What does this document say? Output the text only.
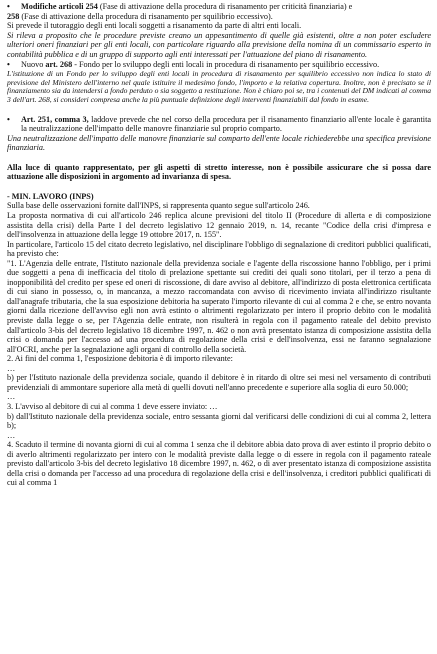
• Modifiche articoli 254 (Fase di attivazione della procedura di risanamento per criticità finanziaria) e
258 (Fase di attivazione della procedura di risanamento per squilibrio eccessivo).

Si prevede il tutoraggio degli enti locali soggetti a risanamento da parte di altri enti locali.

Si rileva a proposito che le procedure previste creano un appesantimento di quelle già esistenti, oltre a non poter escludere ulteriori oneri finanziari per gli enti locali, con particolare riguardo alla previsione della nomina di un commissario esperto in contabilità pubblica e di un gruppo di supporto agli enti interessati per l'attuazione del piano di risanamento.

• Nuovo art. 268 - Fondo per lo sviluppo degli enti locali in procedura di risanamento per squilibrio eccessivo.

L'istituzione di un Fondo per lo sviluppo degli enti locali in procedura di risanamento per squilibrio eccessivo non indica lo stato di previsione del Ministero dell'interno nel quale istituire il medesimo fondo, l'importo e la relativa copertura. Inoltre, non è precisato se il finanziamento sia da intendersi a fondo perduto o sia soggetto a restituzione. Non è chiaro poi se, tra i contenuti del DM indicati al comma 3 dell'art. 268, si consideri compresa anche la più puntuale definizione degli interventi finanziabili dal fondo in esame.

• Art. 251, comma 3, laddove prevede che nel corso della procedura per il risanamento finanziario all'ente locale è garantita la neutralizzazione dell'impatto delle manovre finanziarie sul proprio comparto.

Una neutralizzazione dell'impatto delle manovre finanziarie sul comparto dell'ente locale richiederebbe una specifica previsione finanziaria.

Alla luce di quanto rappresentato, per gli aspetti di stretto interesse, non è possibile assicurare che si possa dare attuazione alle disposizioni in argomento ad invarianza di spesa.

- MIN. LAVORO (INPS)

Sulla base delle osservazioni fornite dall'INPS, si rappresenta quanto segue sull'articolo 246.

La proposta normativa di cui all'articolo 246 replica alcune previsioni del titolo II (Procedure di allerta e di composizione assistita della crisi) della Parte I del decreto legislativo 12 gennaio 2019, n. 14, recante "Codice della crisi d'impresa e dell'insolvenza in attuazione della legge 19 ottobre 2017, n. 155".

In particolare, l'articolo 15 del citato decreto legislativo, nel disciplinare l'obbligo di segnalazione di creditori pubblici qualificati, ha previsto che:

"1. L'Agenzia delle entrate, l'Istituto nazionale della previdenza sociale e l'agente della riscossione hanno l'obbligo, per i primi due soggetti a pena di inefficacia del titolo di prelazione spettante sui crediti dei quali sono titolari, per il terzo a pena di inopponibilità del credito per spese ed oneri di riscossione, di dare avviso al debitore, all'indirizzo di posta elettronica certificata di cui siano in possesso, o, in mancanza, a mezzo raccomandata con avviso di ricevimento inviata all'indirizzo risultante dall'anagrafe tributaria, che la sua esposizione debitoria ha superato l'importo rilevante di cui al comma 2 e che, se entro novanta giorni dalla ricezione dell'avviso egli non avrà estinto o altrimenti regolarizzato per intero il proprio debito con le modalità previste dalla legge o se, per l'Agenzia delle entrate, non risulterà in regola con il pagamento rateale del debito previsto dall'articolo 3-bis del decreto legislativo 18 dicembre 1997, n. 462 o non avrà presentato istanza di composizione assistita della crisi o domanda per l'accesso ad una procedura di regolazione della crisi e dell'insolvenza, essi ne faranno segnalazione all'OCRI, anche per la segnalazione agli organi di controllo della società.

2. Ai fini del comma 1, l'esposizione debitoria è di importo rilevante:

…

b) per l'Istituto nazionale della previdenza sociale, quando il debitore è in ritardo di oltre sei mesi nel versamento di contributi previdenziali di ammontare superiore alla metà di quelli dovuti nell'anno precedente e superiore alla soglia di euro 50.000;

…

3. L'avviso al debitore di cui al comma 1 deve essere inviato: …

b) dall'Istituto nazionale della previdenza sociale, entro sessanta giorni dal verificarsi delle condizioni di cui al comma 2, lettera b);

…

4. Scaduto il termine di novanta giorni di cui al comma 1 senza che il debitore abbia dato prova di aver estinto il proprio debito o di averlo altrimenti regolarizzato per intero con le modalità previste dalla legge o di essere in regola con il pagamento rateale previsto dall'articolo 3-bis del decreto legislativo 18 dicembre 1997, n. 462, o di aver presentato istanza di composizione assistita della crisi o domanda per l'accesso ad una procedura di regolazione della crisi e dell'insolvenza, i creditori pubblici qualificati di cui al comma 1
